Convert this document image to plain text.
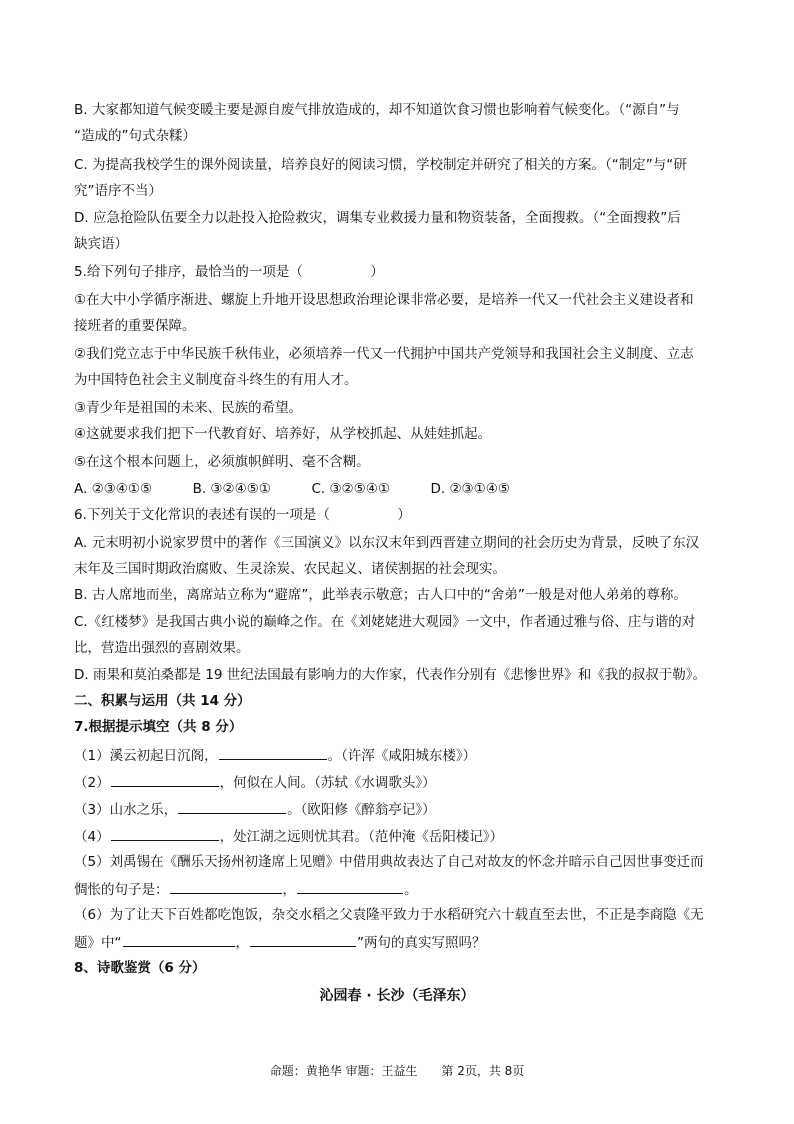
B. 大家都知道气候变暖主要是源自废气排放造成的，却不知道饮食习惯也影响着气候变化。（“源自”与
“造成的”句式杂糅）
C. 为提高我校学生的课外阅读量，培养良好的阅读习惯，学校制定并研究了相关的方案。（“制定”与“研
究”语序不当）
D. 应急抢险队伍要全力以赴投入抢险救灾，调集专业救援力量和物资装备，全面搜救。（“全面搜救”后
缺宾语）
5.给下列句子排序，最恰当的一项是（　　　　　）
①在大中小学循序渐进、螺旋上升地开设思想政治理论课非常必要，是培养一代又一代社会主义建设者和
接班者的重要保障。
②我们党立志于中华民族千秋伟业，必须培养一代又一代拥护中国共产党领导和我国社会主义制度、立志
为中国特色社会主义制度奋斗终生的有用人才。
③青少年是祖国的未来、民族的希望。
④这就要求我们把下一代教育好、培养好，从学校抓起、从娃娃抓起。
⑤在这个根本问题上，必须旗帜鲜明、毫不含糊。
A. ②③④①⑤　　　B. ③②④⑤①　　　C. ③②⑤④①　　　D. ②③①④⑤
6.下列关于文化常识的表述有误的一项是（　　　　　）
A. 元末明初小说家罗贯中的著作《三国演义》以东汉末年到西晋建立期间的社会历史为背景，反映了东汉
末年及三国时期政治腐败、生灵涂炭、农民起义、诸侯割据的社会现实。
B. 古人席地而坐，离席站立称为“避席”，此举表示敬意；古人口中的“舍弟”一般是对他人弟弟的尊称。
C.《红楼梦》是我国古典小说的巅峰之作。在《刘姥姥进大观园》一文中，作者通过雅与俗、庄与谐的对
比，营造出强烈的喜剧效果。
D. 雨果和莫泊桑都是 19 世纪法国最有影响力的大作家，代表作分别有《悲惨世界》和《我的叔叔于勒》。
二、积累与运用（共 14 分）
7.根据提示填空（共 8 分）
（1）溪云初起日沉阁，	。（许浑《咸阳城东楼》）
（2）	，何似在人间。（苏轼《水调歌头》）
（3）山水之乐，	。（欧阳修《醉翁亭记》）
（4）	，处江湖之远则忧其君。（范仲淹《岳阳楼记》）
（5）刘禹锡在《酬乐天扬州初逢席上见赠》中借用典故表达了自己对故友的怀念并暗示自己因世事变迁而
惆怅的句子是：	，	。
（6）为了让天下百姓都吃饱饭，杂交水稻之父袁隆平致力于水稻研究六十载直至去世，不正是李商隐《无
题》中“	，	”两句的真实写照吗？
8、诗歌鉴赏（6 分）
沁园春 · 长沙（毛泽东）
命题：黄艳华 审题：王益生 第 2页，共 8页
